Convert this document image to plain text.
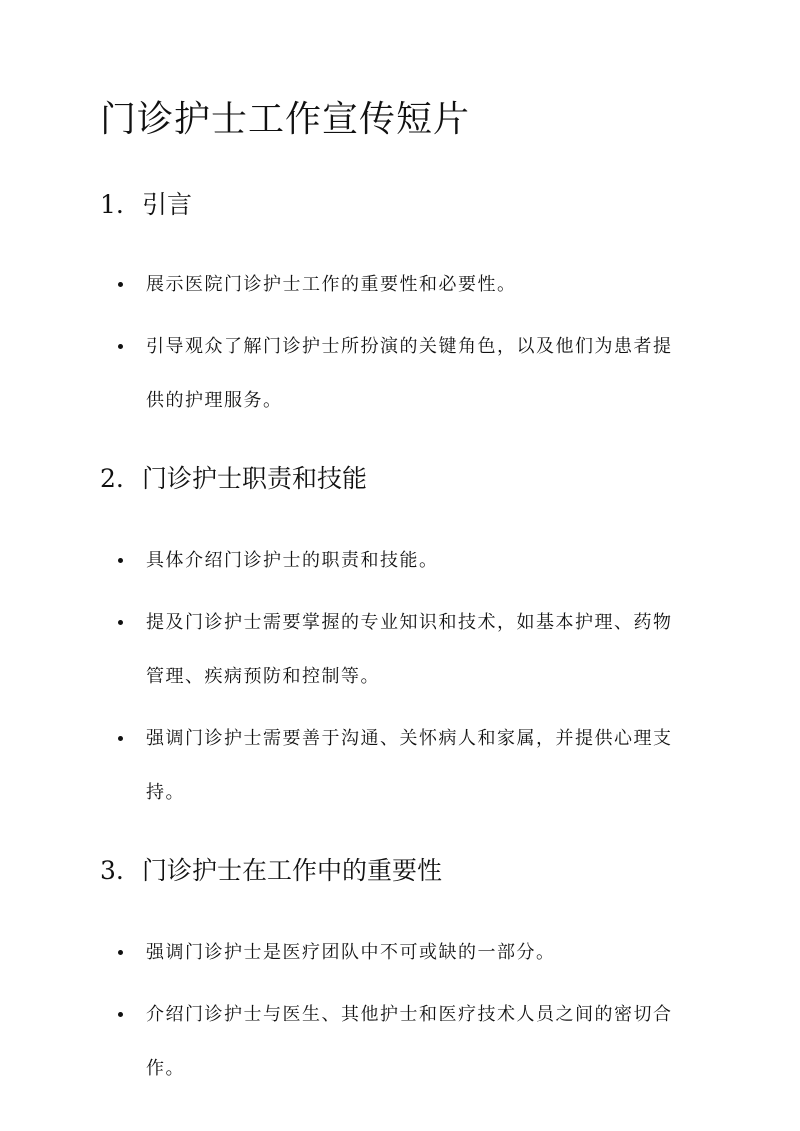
门诊护士工作宣传短片
1. 引言
展示医院门诊护士工作的重要性和必要性。
引导观众了解门诊护士所扮演的关键角色，以及他们为患者提供的护理服务。
2. 门诊护士职责和技能
具体介绍门诊护士的职责和技能。
提及门诊护士需要掌握的专业知识和技术，如基本护理、药物管理、疾病预防和控制等。
强调门诊护士需要善于沟通、关怀病人和家属，并提供心理支持。
3. 门诊护士在工作中的重要性
强调门诊护士是医疗团队中不可或缺的一部分。
介绍门诊护士与医生、其他护士和医疗技术人员之间的密切合作。
